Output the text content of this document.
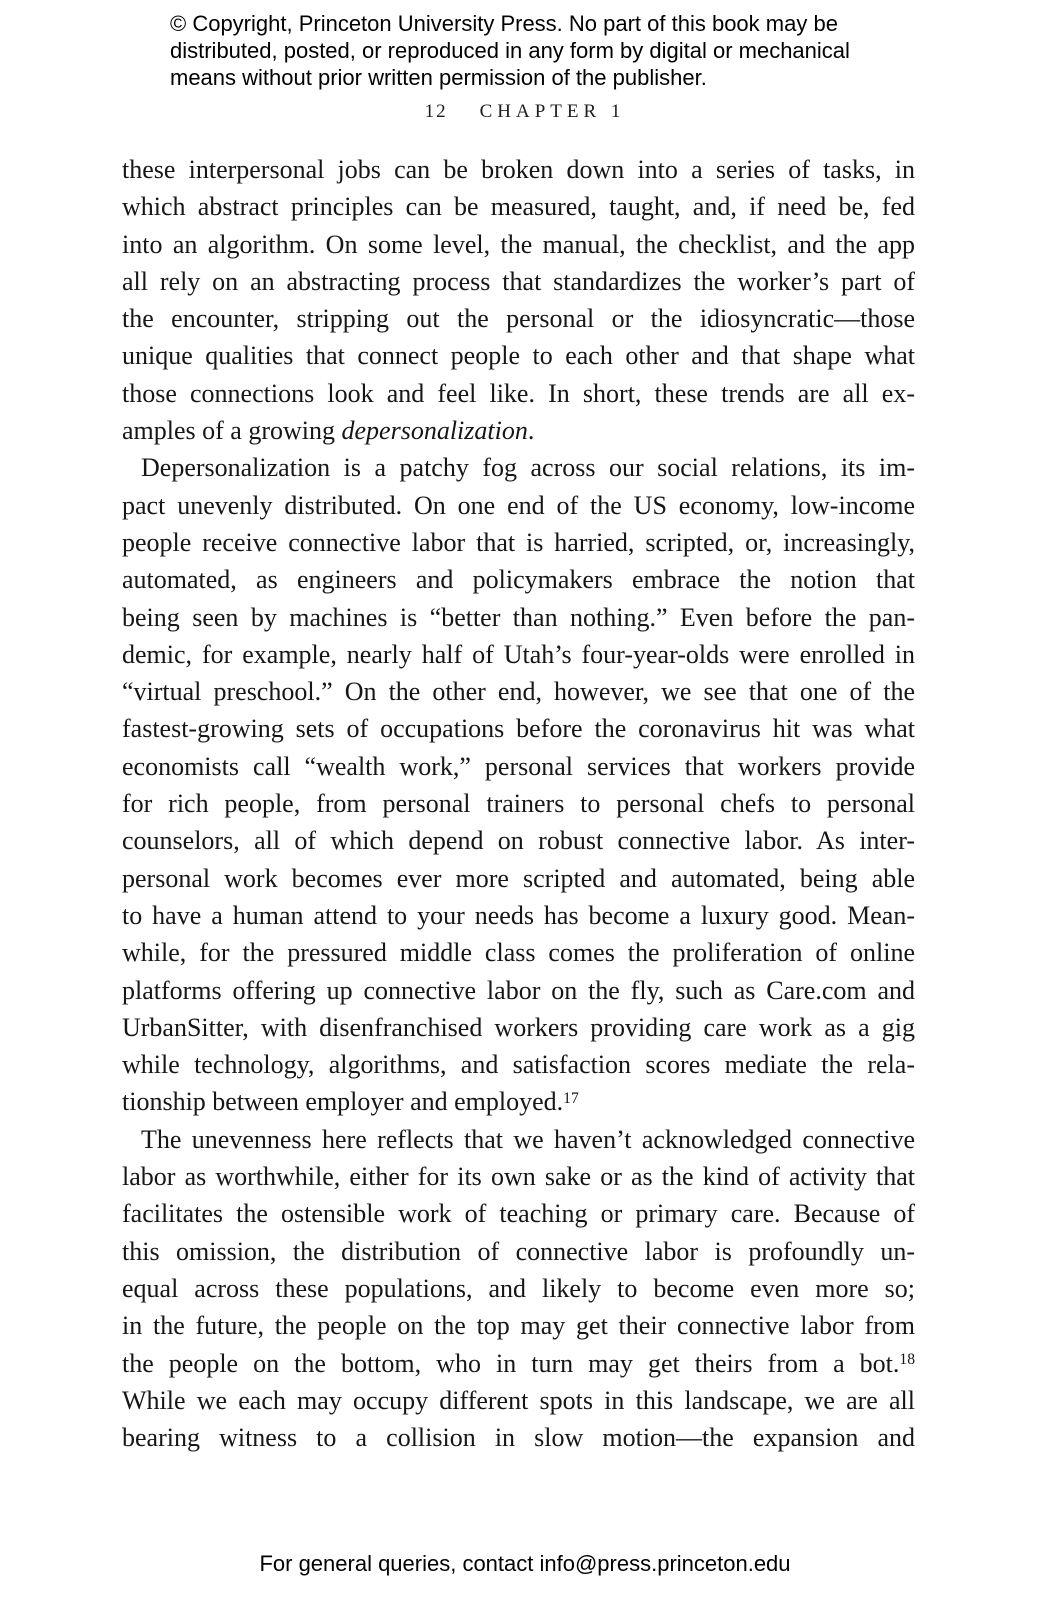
© Copyright, Princeton University Press. No part of this book may be
distributed, posted, or reproduced in any form by digital or mechanical
means without prior written permission of the publisher.
12 CHAPTER 1
these interpersonal jobs can be broken down into a series of tasks, in
which abstract principles can be measured, taught, and, if need be, fed
into an algorithm. On some level, the manual, the checklist, and the app
all rely on an abstracting process that standardizes the worker’s part of
the encounter, stripping out the personal or the idiosyncratic—those
unique qualities that connect people to each other and that shape what
those connections look and feel like. In short, these trends are all ex-
amples of a growing depersonalization.
Depersonalization is a patchy fog across our social relations, its im-
pact unevenly distributed. On one end of the US economy, low-income
people receive connective labor that is harried, scripted, or, increasingly,
automated, as engineers and policymakers embrace the notion that
being seen by machines is “better than nothing.” Even before the pan-
demic, for example, nearly half of Utah’s four-year-olds were enrolled in
“virtual preschool.” On the other end, however, we see that one of the
fastest-growing sets of occupations before the coronavirus hit was what
economists call “wealth work,” personal services that workers provide
for rich people, from personal trainers to personal chefs to personal
counselors, all of which depend on robust connective labor. As inter-
personal work becomes ever more scripted and automated, being able
to have a human attend to your needs has become a luxury good. Mean-
while, for the pressured middle class comes the proliferation of online
platforms offering up connective labor on the fly, such as Care.com and
UrbanSitter, with disenfranchised workers providing care work as a gig
while technology, algorithms, and satisfaction scores mediate the rela-
tionship between employer and employed.$^{17}$
The unevenness here reflects that we haven’t acknowledged connective
labor as worthwhile, either for its own sake or as the kind of activity that
facilitates the ostensible work of teaching or primary care. Because of
this omission, the distribution of connective labor is profoundly un-
equal across these populations, and likely to become even more so;
in the future, the people on the top may get their connective labor from
the people on the bottom, who in turn may get theirs from a bot.$^{18}$
While we each may occupy different spots in this landscape, we are all
bearing witness to a collision in slow motion—the expansion and
For general queries, contact info@press.princeton.edu
